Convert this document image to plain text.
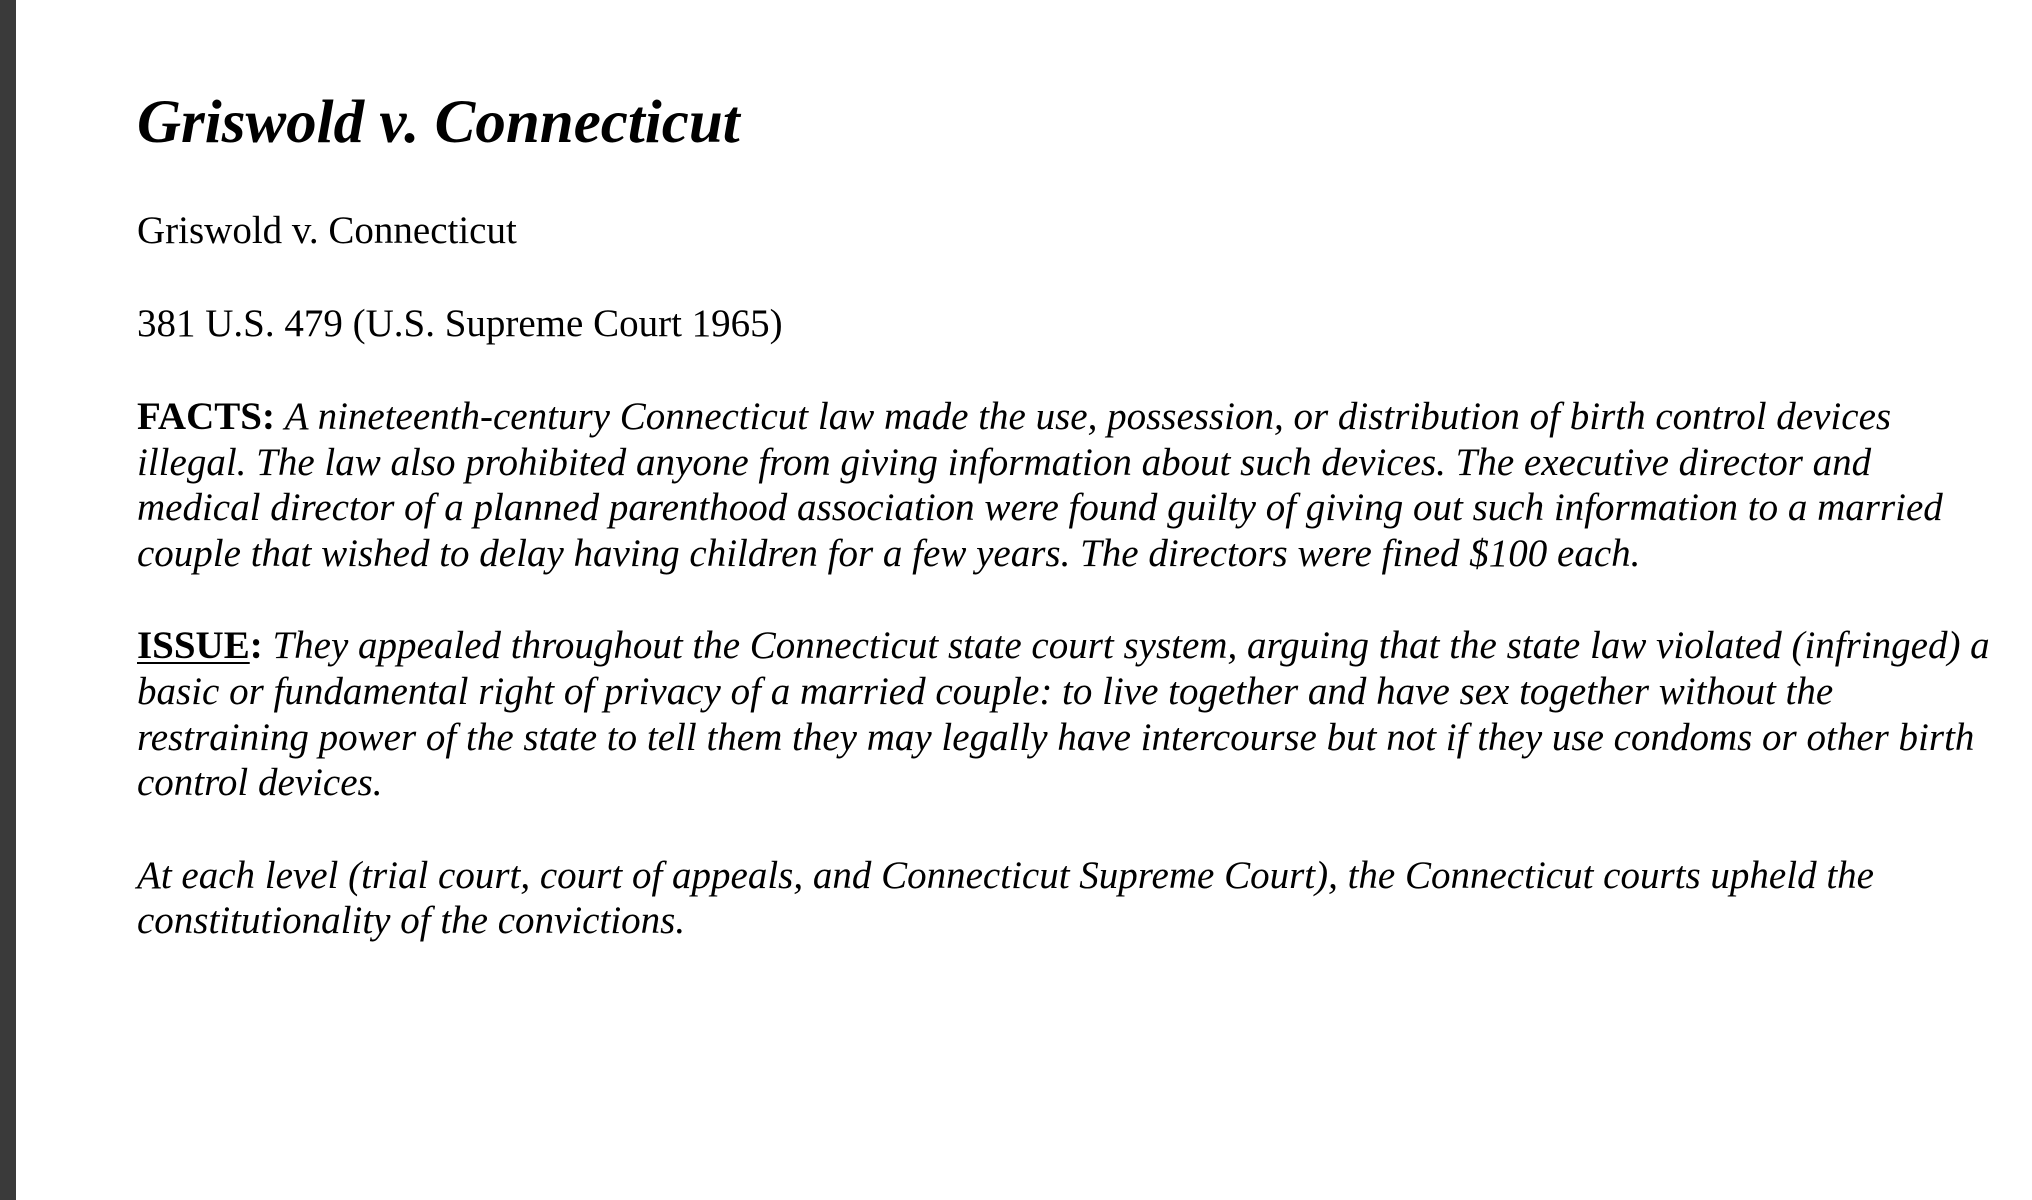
Griswold v. Connecticut
Griswold v. Connecticut
381 U.S. 479 (U.S. Supreme Court 1965)
FACTS: A nineteenth-century Connecticut law made the use, possession, or distribution of birth control devices illegal. The law also prohibited anyone from giving information about such devices. The executive director and medical director of a planned parenthood association were found guilty of giving out such information to a married couple that wished to delay having children for a few years. The directors were fined $100 each.
ISSUE: They appealed throughout the Connecticut state court system, arguing that the state law violated (infringed) a basic or fundamental right of privacy of a married couple: to live together and have sex together without the restraining power of the state to tell them they may legally have intercourse but not if they use condoms or other birth control devices.
At each level (trial court, court of appeals, and Connecticut Supreme Court), the Connecticut courts upheld the constitutionality of the convictions.
